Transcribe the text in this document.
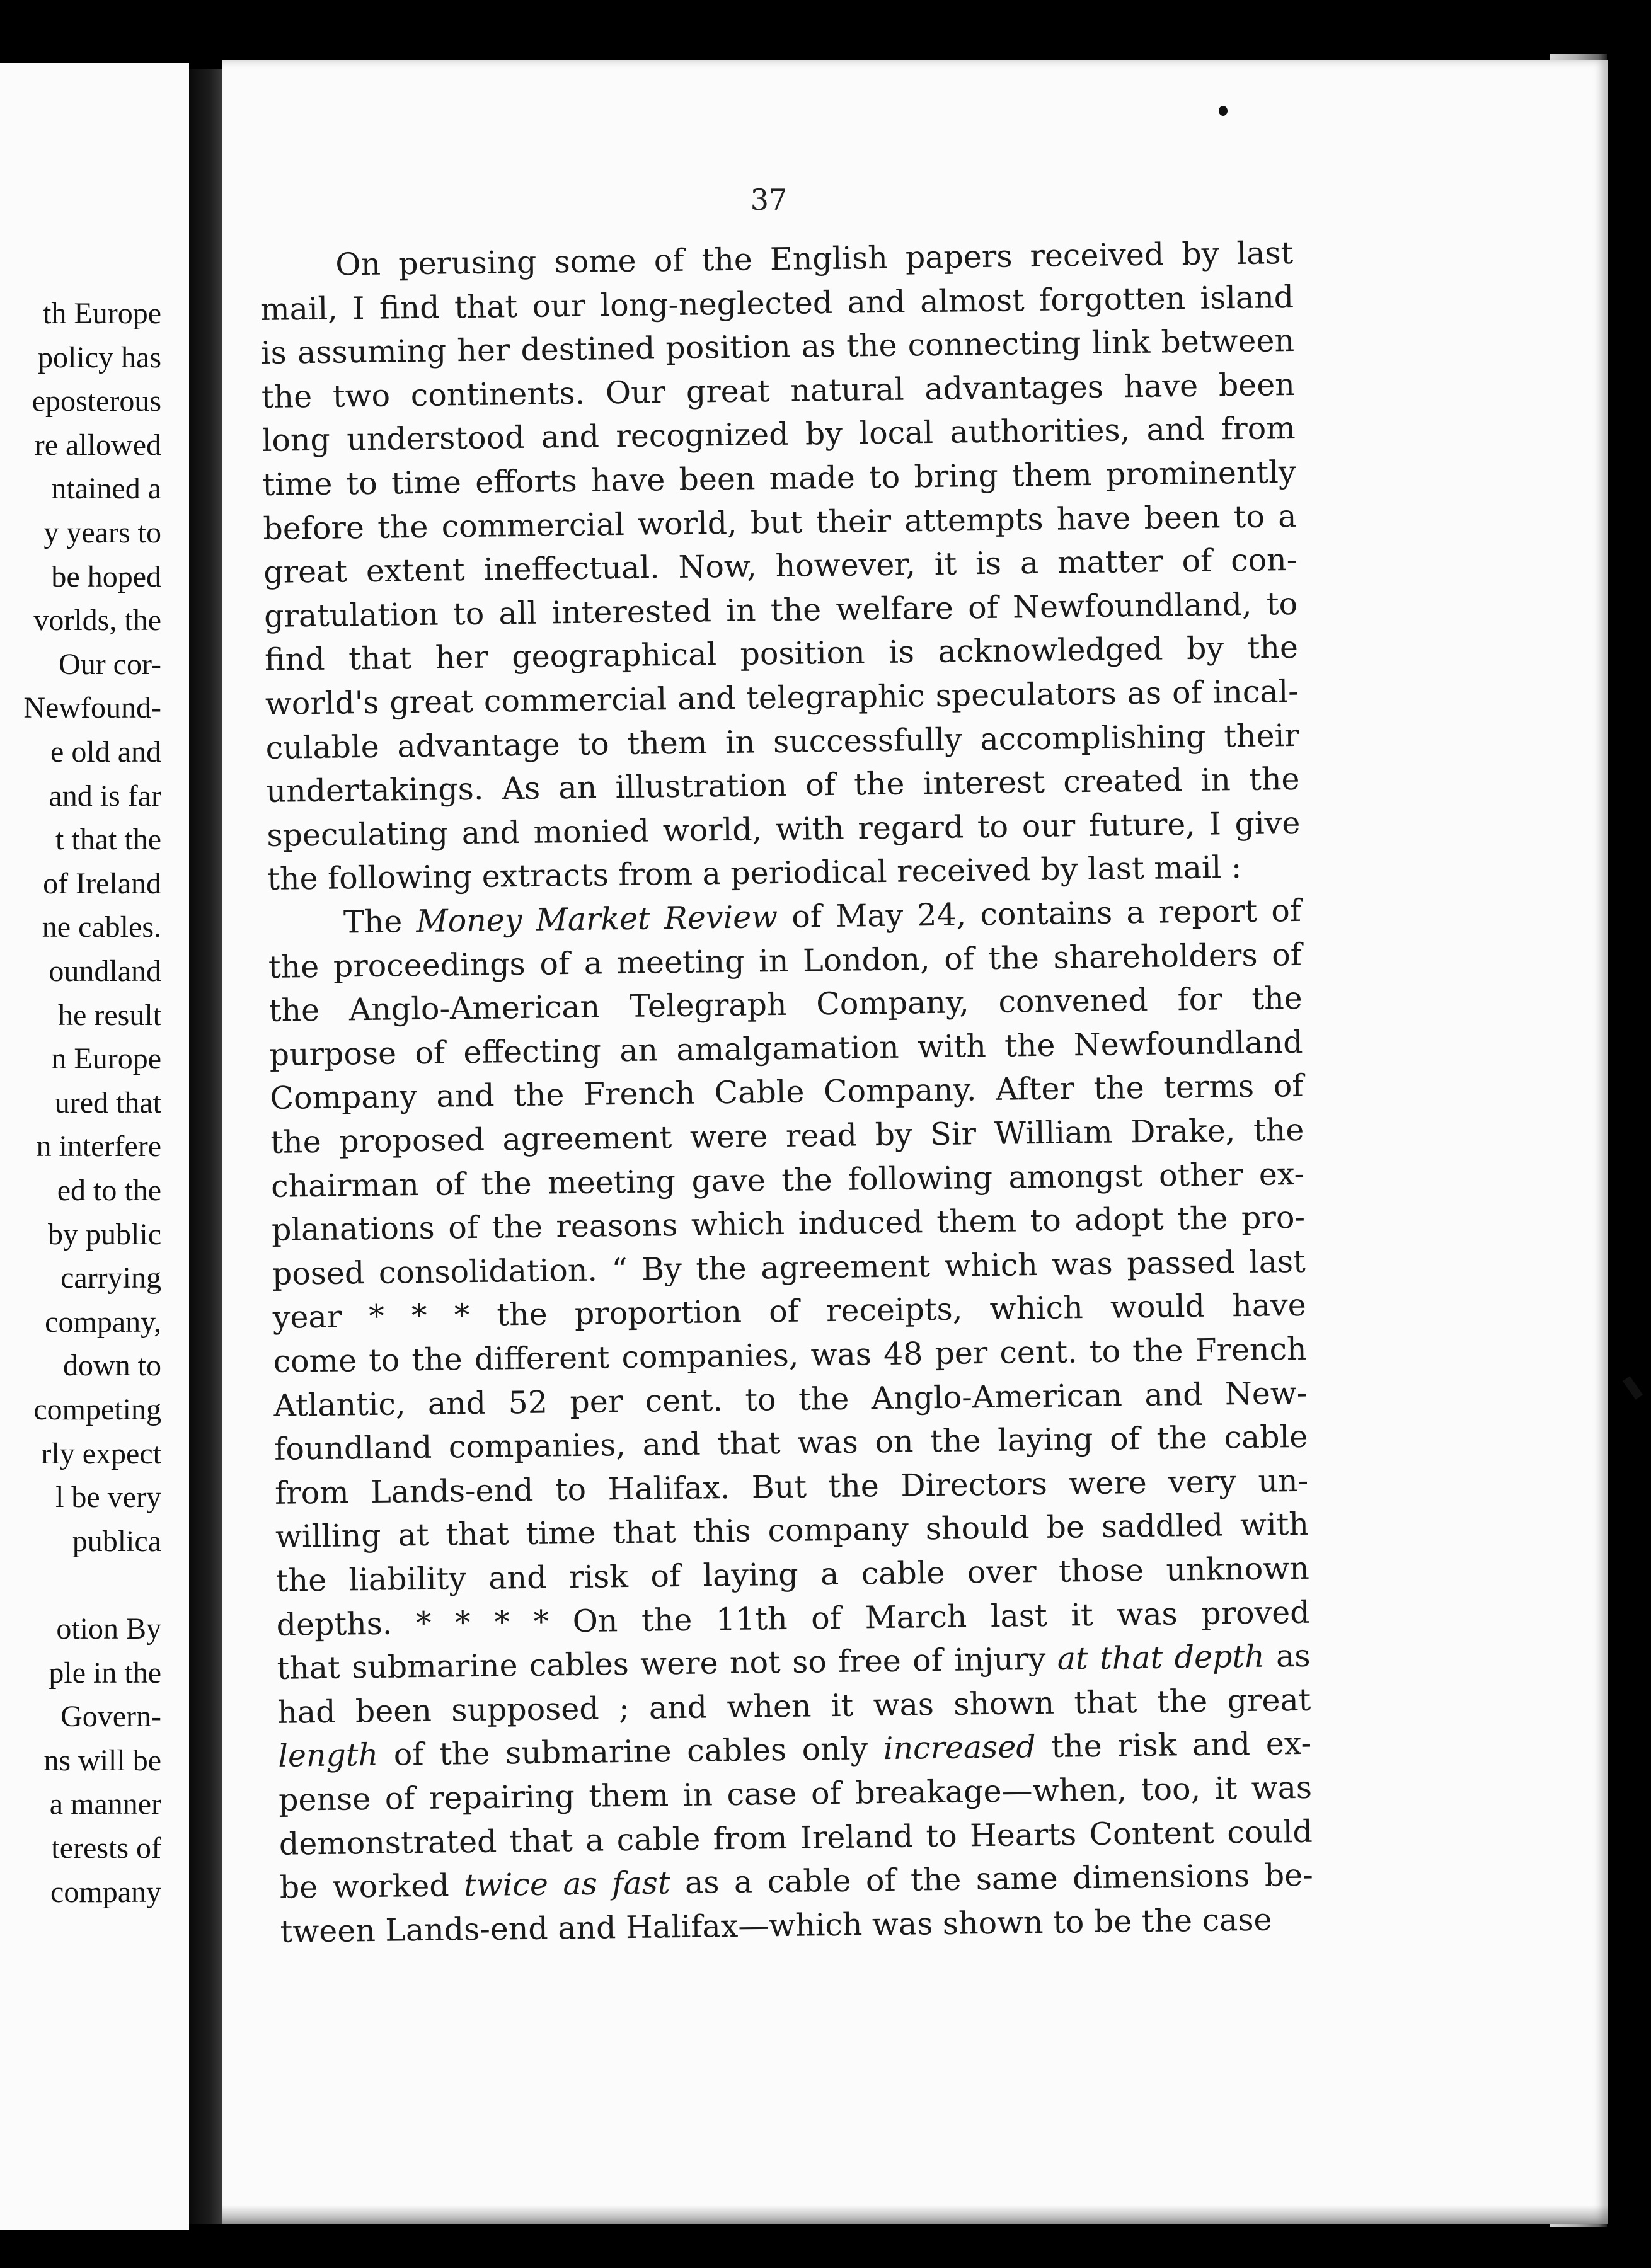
th Europe
policy has
eposterous
re allowed
ntained a
y years to
be hoped
vorlds, the
Our cor-
Newfound-
e old and
and is far
t that the
of Ireland
ne cables.
oundland
he result
n Europe
ured that
n interfere
ed to the
by public
carrying
company,
down to
competing
rly expect
l be very
publica
otion By
ple in the
Govern-
ns will be
a manner
terests of
company
37
On perusing some of the English papers received by last
mail, I find that our long-neglected and almost forgotten island
is assuming her destined position as the connecting link between
the two continents. Our great natural advantages have been
long understood and recognized by local authorities, and from
time to time efforts have been made to bring them prominently
before the commercial world, but their attempts have been to a
great extent ineffectual. Now, however, it is a matter of con-
gratulation to all interested in the welfare of Newfoundland, to
find that her geographical position is acknowledged by the
world's great commercial and telegraphic speculators as of incal-
culable advantage to them in successfully accomplishing their
undertakings. As an illustration of the interest created in the
speculating and monied world, with regard to our future, I give
the following extracts from a periodical received by last mail :
The Money Market Review of May 24, contains a report of
the proceedings of a meeting in London, of the shareholders of
the Anglo-American Telegraph Company, convened for the
purpose of effecting an amalgamation with the Newfoundland
Company and the French Cable Company. After the terms of
the proposed agreement were read by Sir William Drake, the
chairman of the meeting gave the following amongst other ex-
planations of the reasons which induced them to adopt the pro-
posed consolidation. “ By the agreement which was passed last
year * * * the proportion of receipts, which would have
come to the different companies, was 48 per cent. to the French
Atlantic, and 52 per cent. to the Anglo-American and New-
foundland companies, and that was on the laying of the cable
from Lands-end to Halifax. But the Directors were very un-
willing at that time that this company should be saddled with
the liability and risk of laying a cable over those unknown
depths. * * * * On the 11th of March last it was proved
that submarine cables were not so free of injury at that depth as
had been supposed ; and when it was shown that the great
length of the submarine cables only increased the risk and ex-
pense of repairing them in case of breakage—when, too, it was
demonstrated that a cable from Ireland to Hearts Content could
be worked twice as fast as a cable of the same dimensions be-
tween Lands-end and Halifax—which was shown to be the case
